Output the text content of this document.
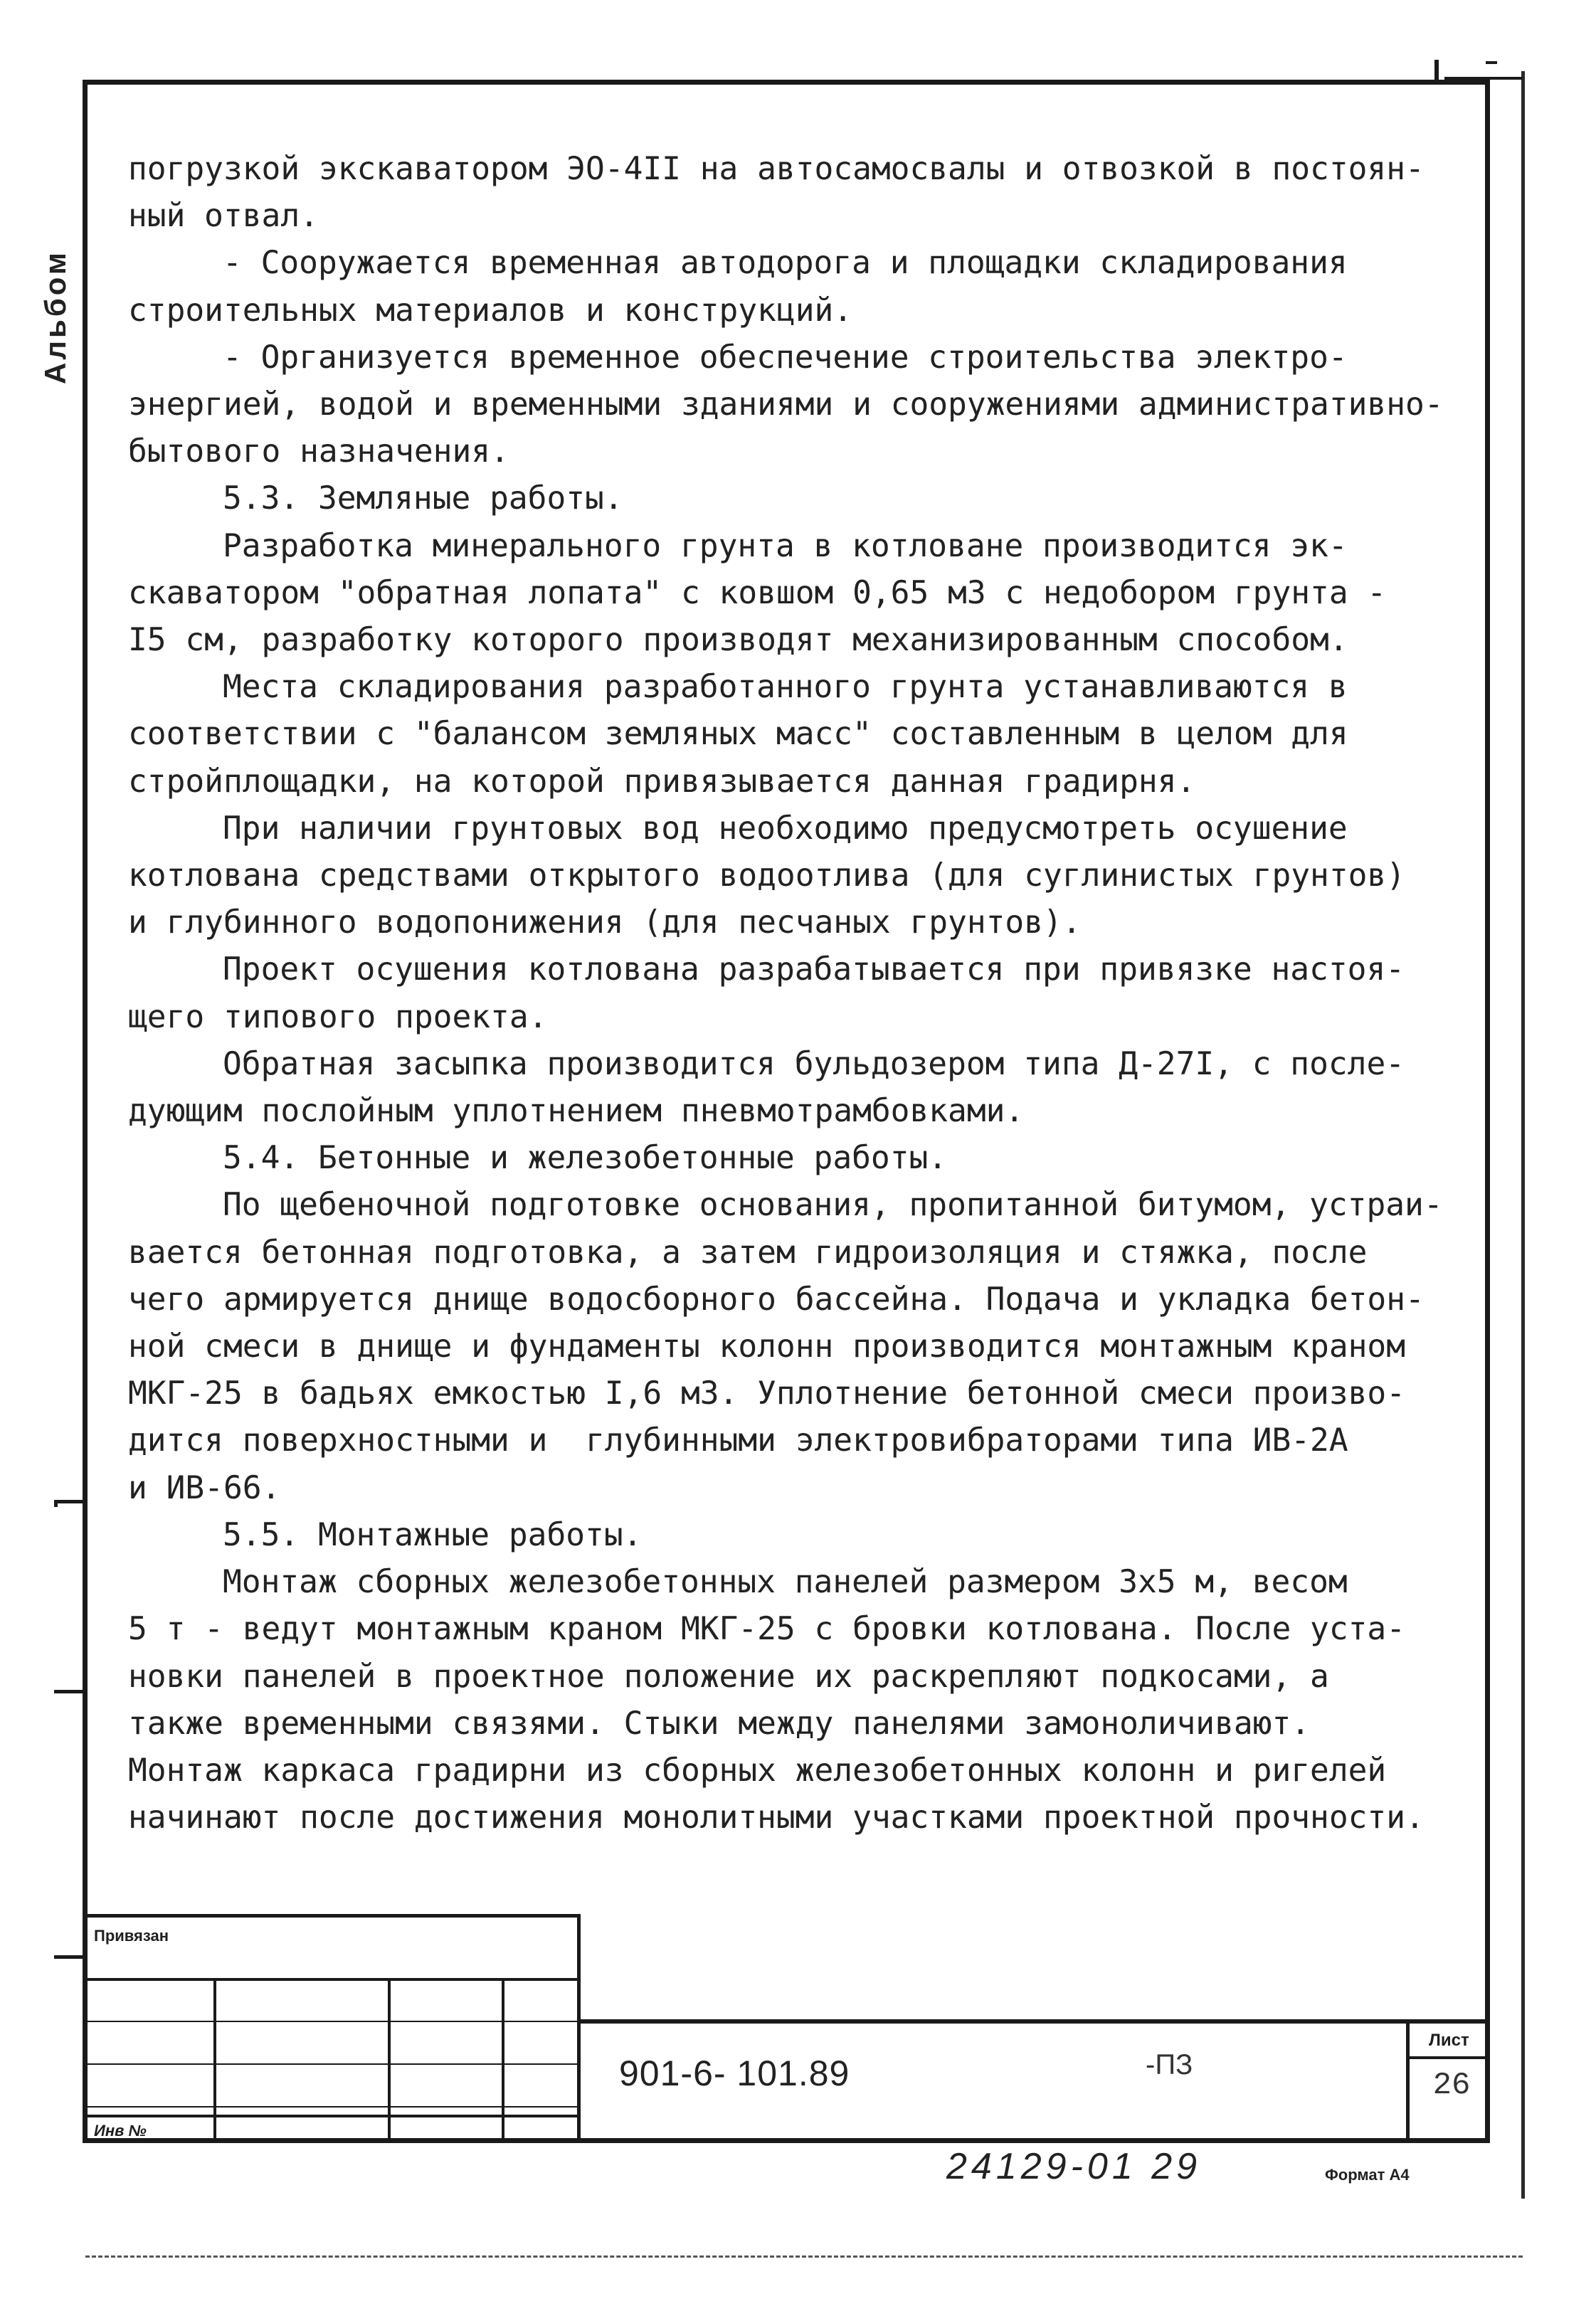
Альбом
погрузкой экскаватором ЭО-4II на автосамосвалы и отвозкой в постоян-
ный отвал.
- Сооружается временная автодорога и площадки складирования
строительных материалов и конструкций.
- Организуется временное обеспечение строительства электро-
энергией, водой и временными зданиями и сооружениями административно-
бытового назначения.
5.3. Земляные работы.
Разработка минерального грунта в котловане производится эк-
скаватором "обратная лопата" с ковшом 0,65 м3 с недобором грунта -
I5 см, разработку которого производят механизированным способом.
Места складирования разработанного грунта устанавливаются в
соответствии с "балансом земляных масс" составленным в целом для
стройплощадки, на которой привязывается данная градирня.
При наличии грунтовых вод необходимо предусмотреть осушение
котлована средствами открытого водоотлива (для суглинистых грунтов)
и глубинного водопонижения (для песчаных грунтов).
Проект осушения котлована разрабатывается при привязке настоя-
щего типового проекта.
Обратная засыпка производится бульдозером типа Д-27I, с после-
дующим послойным уплотнением пневмотрамбовками.
5.4. Бетонные и железобетонные работы.
По щебеночной подготовке основания, пропитанной битумом, устраи-
вается бетонная подготовка, а затем гидроизоляция и стяжка, после
чего армируется днище водосборного бассейна. Подача и укладка бетон-
ной смеси в днище и фундаменты колонн производится монтажным краном
МКГ-25 в бадьях емкостью I,6 м3. Уплотнение бетонной смеси произво-
дится поверхностными и  глубинными электровибраторами типа ИВ-2А
и ИВ-66.
5.5. Монтажные работы.
Монтаж сборных железобетонных панелей размером 3х5 м, весом
5 т - ведут монтажным краном МКГ-25 с бровки котлована. После уста-
новки панелей в проектное положение их раскрепляют подкосами, а
также временными связями. Стыки между панелями замоноличивают.
Монтаж каркаса градирни из сборных железобетонных колонн и ригелей
начинают после достижения монолитными участками проектной прочности.
Привязан
Инв №
901-6- 101.89	-ПЗ
Лист
26
24129-01 29	Формат А4
